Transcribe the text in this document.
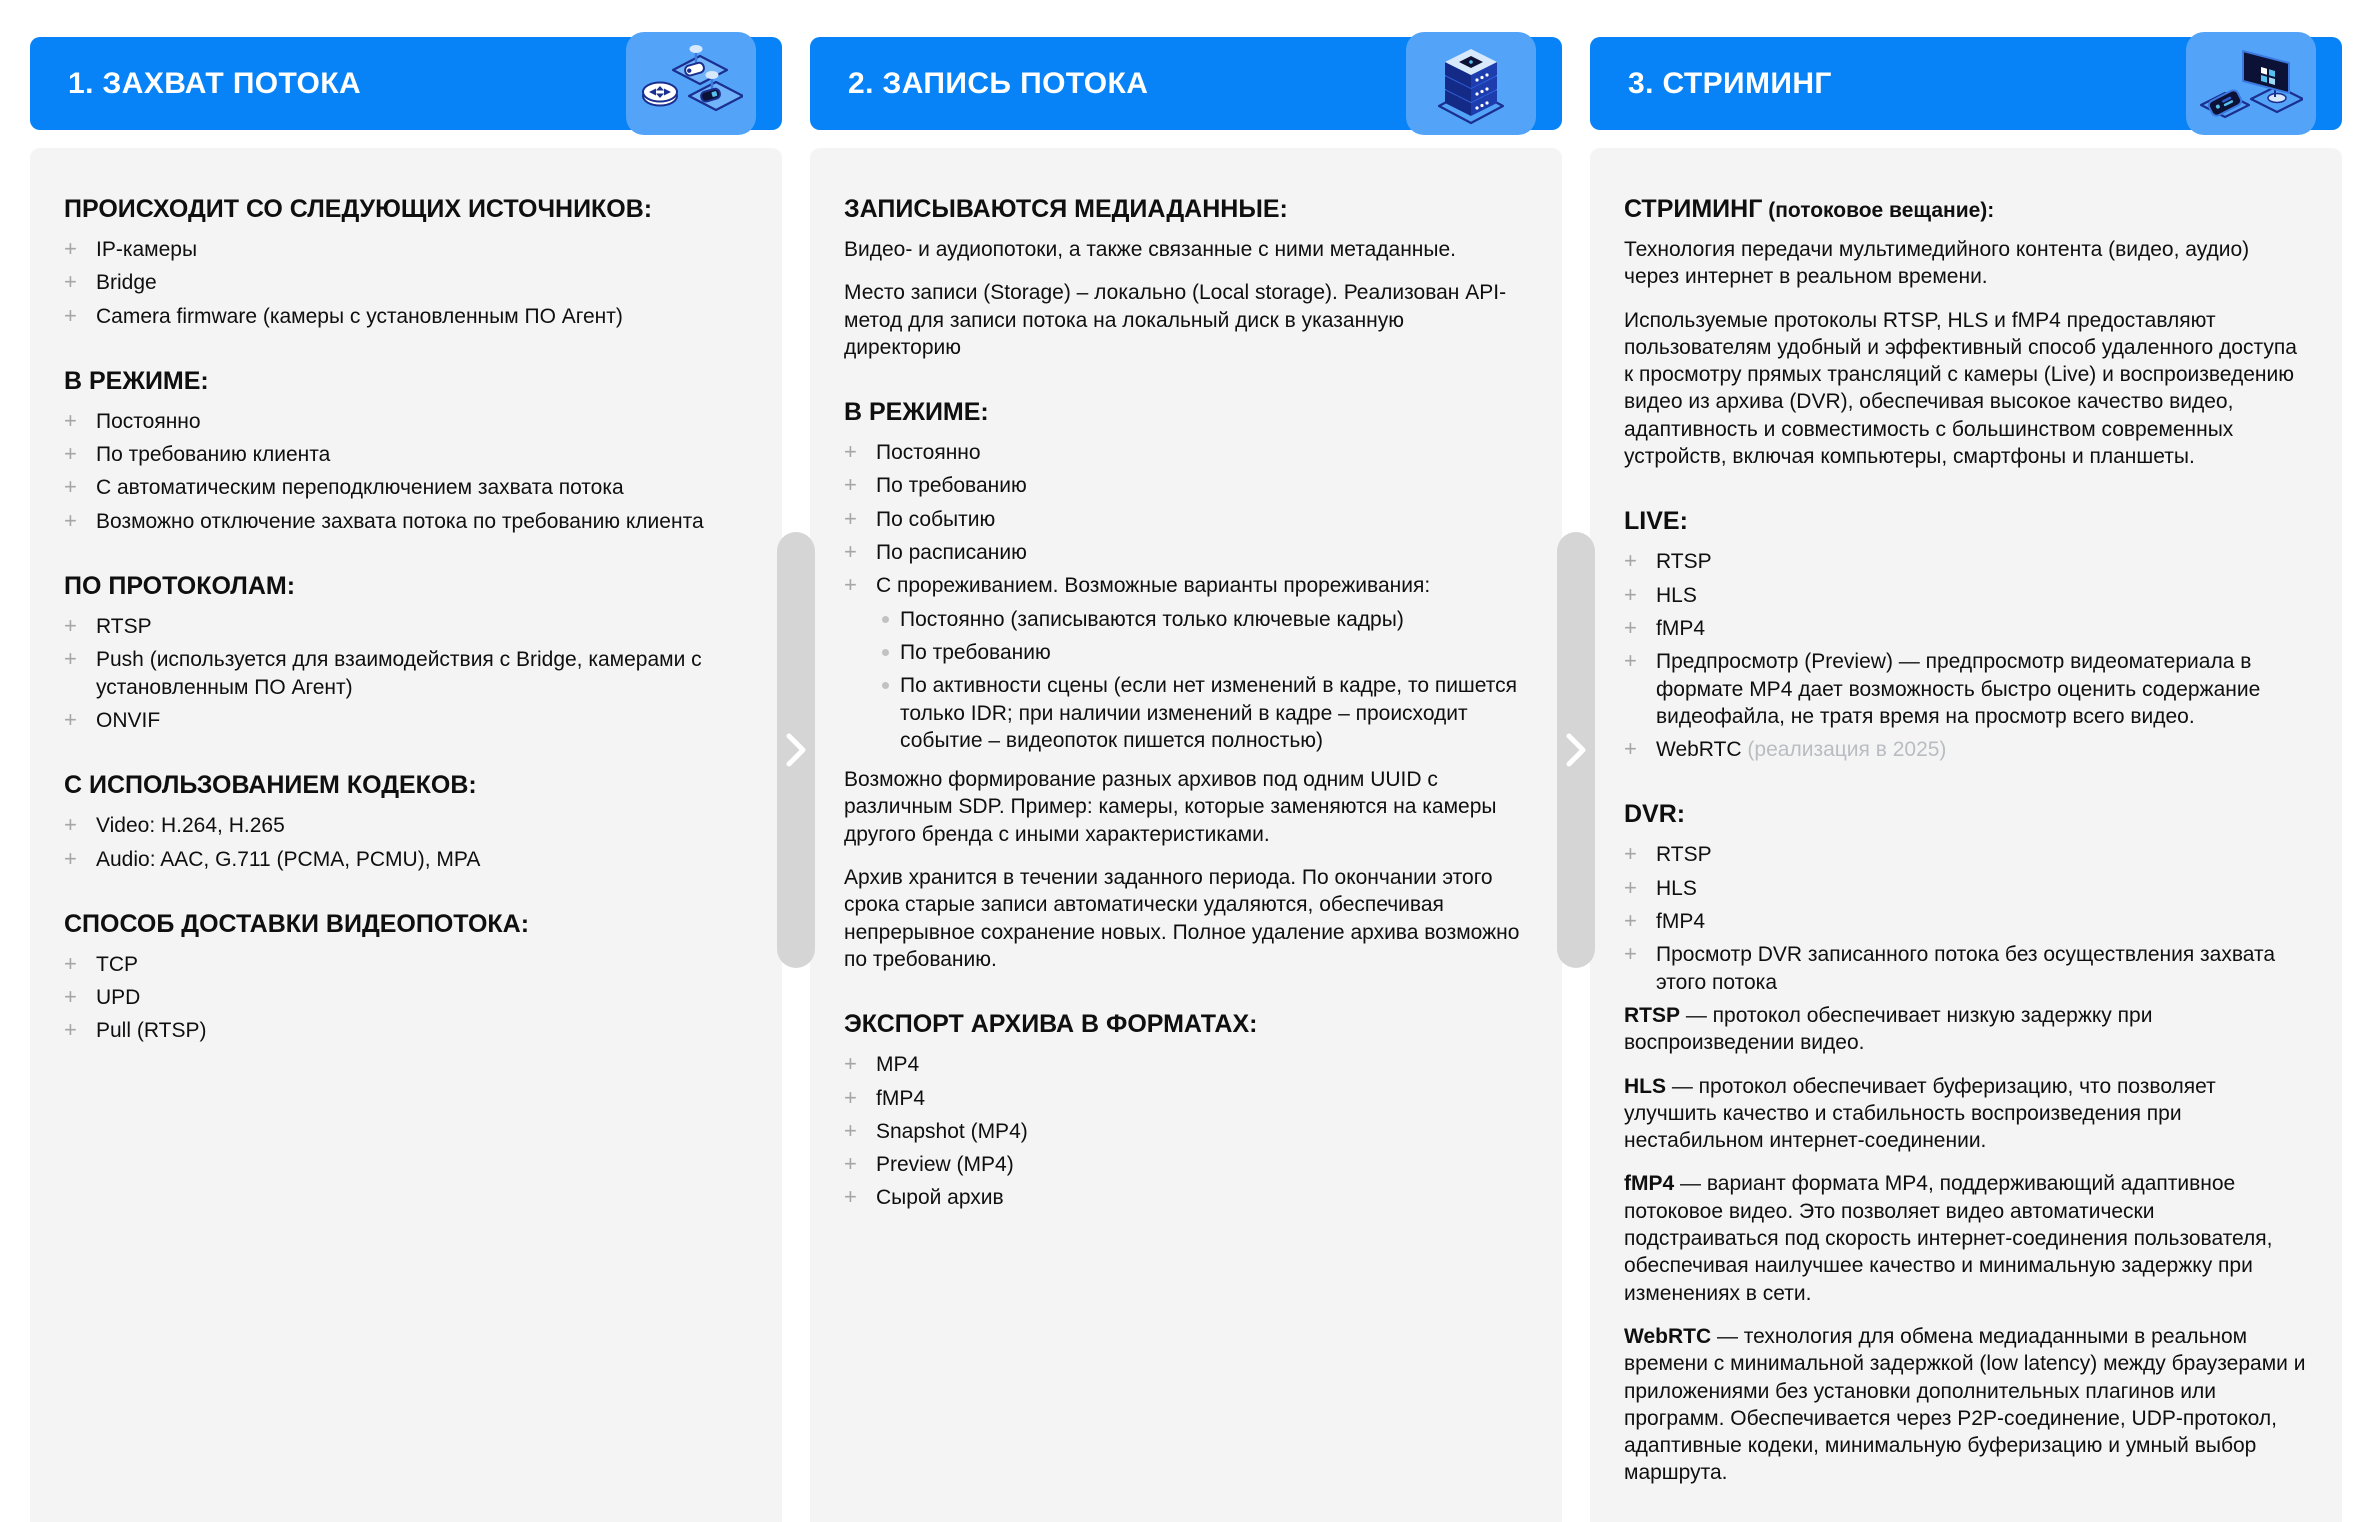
1. ЗАХВАТ ПОТОКА
ПРОИСХОДИТ СО СЛЕДУЮЩИХ ИСТОЧНИКОВ:
+ IP-камеры
+ Bridge
+ Camera firmware (камеры с установленным ПО Агент)
В РЕЖИМЕ:
+ Постоянно
+ По требованию клиента
+ С автоматическим переподключением захвата потока
+ Возможно отключение захвата потока по требованию клиента
ПО ПРОТОКОЛАМ:
+ RTSP
+ Push (используется для взаимодействия с Bridge, камерами с установленным ПО Агент)
+ ONVIF
С ИСПОЛЬЗОВАНИЕМ КОДЕКОВ:
+ Video: H.264, H.265
+ Audio: AAC, G.711 (PCMA, PCMU), MPA
СПОСОБ ДОСТАВКИ ВИДЕОПОТОКА:
+ TCP
+ UPD
+ Pull (RTSP)
2. ЗАПИСЬ ПОТОКА
ЗАПИСЫВАЮТСЯ МЕДИАДАННЫЕ:

Видео- и аудиопотоки, а также связанные с ними метаданные.

Место записи (Storage) – локально (Local storage). Реализован API-метод для записи потока на локальный диск в указанную директорию

В РЕЖИМЕ:
+ Постоянно
+ По требованию
+ По событию
+ По расписанию
+ С прореживанием. Возможные варианты прореживания:
Постоянно (записываются только ключевые кадры)
По требованию
По активности сцены (если нет изменений в кадре, то пишется только IDR; при наличии изменений в кадре – происходит событие – видеопоток пишется полностью)

Возможно формирование разных архивов под одним UUID с различным SDP. Пример: камеры, которые заменяются на камеры другого бренда с иными характеристиками.

Архив хранится в течении заданного периода. По окончании этого срока старые записи автоматически удаляются, обеспечивая непрерывное сохранение новых. Полное удаление архива возможно по требованию.

ЭКСПОРТ АРХИВА В ФОРМАТАХ:
+ MP4
+ fMP4
+ Snapshot (MP4)
+ Preview (MP4)
+ Сырой архив
3. СТРИМИНГ
СТРИМИНГ (потоковое вещание):

Технология передачи мультимедийного контента (видео, аудио) через интернет в реальном времени.

Используемые протоколы RTSP, HLS и fMP4 предоставляют пользователям удобный и эффективный способ удаленного доступа к просмотру прямых трансляций с камеры (Live) и воспроизведению видео из архива (DVR), обеспечивая высокое качество видео, адаптивность и совместимость с большинством современных устройств, включая компьютеры, смартфоны и планшеты.

LIVE:
+ RTSP
+ HLS
+ fMP4
+ Предпросмотр (Preview) — предпросмотр видеоматериала в формате MP4 дает возможность быстро оценить содержание видеофайла, не тратя время на просмотр всего видео.
+ WebRTC (реализация в 2025)
DVR:
+ RTSP
+ HLS
+ fMP4
+ Просмотр DVR записанного потока без осуществления захвата этого потока

RTSP — протокол обеспечивает низкую задержку при воспроизведении видео.

HLS — протокол обеспечивает буферизацию, что позволяет улучшить качество и стабильность воспроизведения при нестабильном интернет-соединении.

fMP4 — вариант формата MP4, поддерживающий адаптивное потоковое видео. Это позволяет видео автоматически подстраиваться под скорость интернет-соединения пользователя, обеспечивая наилучшее качество и минимальную задержку при изменениях в сети.

WebRTC — технология для обмена медиаданными в реальном времени с минимальной задержкой (low latency) между браузерами и приложениями без установки дополнительных плагинов или программ. Обеспечивается через P2P-соединение, UDP-протокол, адаптивные кодеки, минимальную буферизацию и умный выбор маршрута.
